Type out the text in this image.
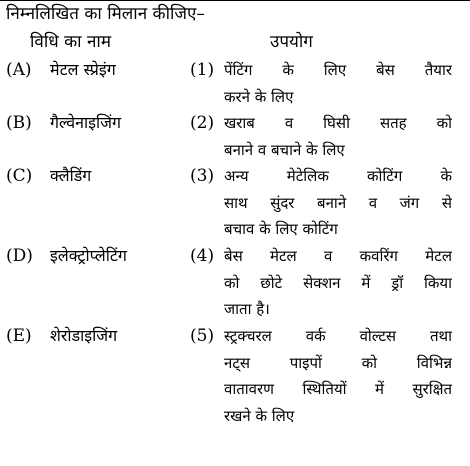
निम्नलिखित का मिलान कीजिए–
विधि का नाम	उपयोग
(A) मेटल स्प्रेइंग	(1) पेंटिंग के लिए बेस तैयार
करने के लिए
(B) गैल्वेनाइजिंग	(2) खराब व घिसी सतह को
बनाने व बचाने के लिए
(C) क्लैडिंग	(3) अन्य मेटेलिक कोटिंग के
साथ सुंदर बनाने व जंग से
बचाव के लिए कोटिंग
(D) इलेक्ट्रोप्लेटिंग	(4) बेस मेटल व कवरिंग मेटल
को छोटे सेक्शन में ड्रॉ किया
जाता है।
(E) शेरोडाइजिंग	(5) स्ट्रक्चरल वर्क वोल्टस तथा
नट्स पाइपों को विभिन्न
वातावरण स्थितियों में सुरक्षित
रखने के लिए
